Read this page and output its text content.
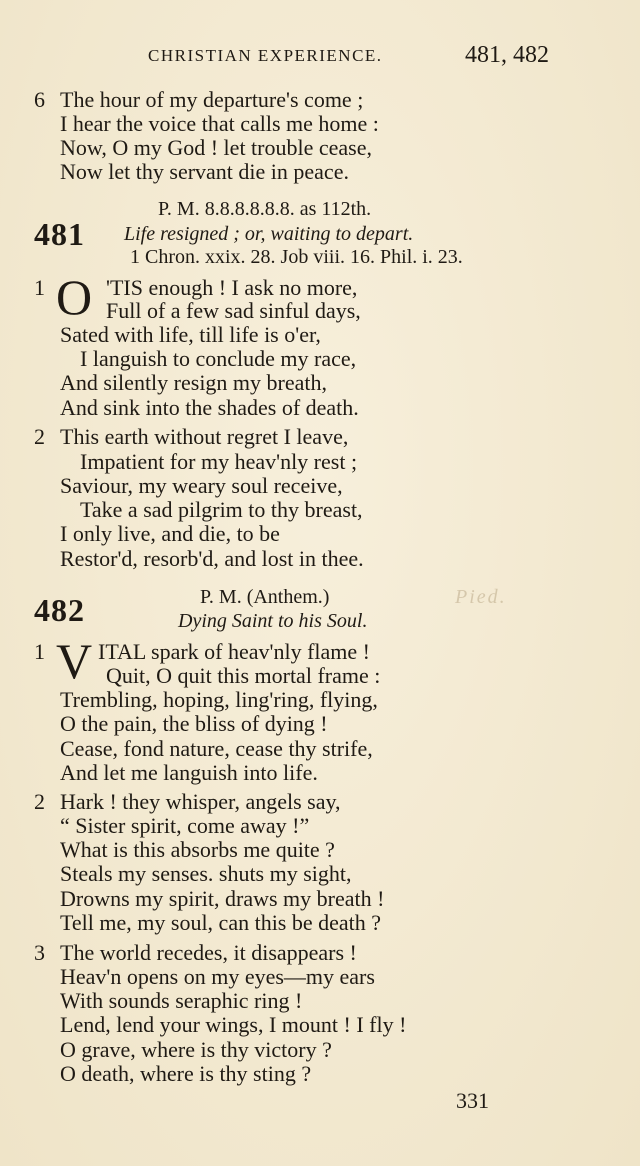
CHRISTIAN EXPERIENCE.	481, 482
6 The hour of my departure's come ;
I hear the voice that calls me home :
Now, O my God ! let trouble cease,
Now let thy servant die in peace.
P. M. 8.8.8.8.8.8. as 112th.
481 Life resigned ; or, waiting to depart.
1 Chron. xxix. 28. Job viii. 16. Phil. i. 23.
1 O 'TIS enough ! I ask no more,
Full of a few sad sinful days,
Sated with life, till life is o'er,
I languish to conclude my race,
And silently resign my breath,
And sink into the shades of death.
2 This earth without regret I leave,
Impatient for my heav'nly rest ;
Saviour, my weary soul receive,
Take a sad pilgrim to thy breast,
I only live, and die, to be
Restor'd, resorb'd, and lost in thee.
482	P. M. (Anthem.)	Pied.
Dying Saint to his Soul.
1 V ITAL spark of heav'nly flame !
Quit, O quit this mortal frame :
Trembling, hoping, ling'ring, flying,
O the pain, the bliss of dying !
Cease, fond nature, cease thy strife,
And let me languish into life.
2 Hark ! they whisper, angels say,
“ Sister spirit, come away !”
What is this absorbs me quite ?
Steals my senses. shuts my sight,
Drowns my spirit, draws my breath !
Tell me, my soul, can this be death ?
3 The world recedes, it disappears !
Heav'n opens on my eyes—my ears
With sounds seraphic ring !
Lend, lend your wings, I mount ! I fly !
O grave, where is thy victory ?
O death, where is thy sting ?
331
